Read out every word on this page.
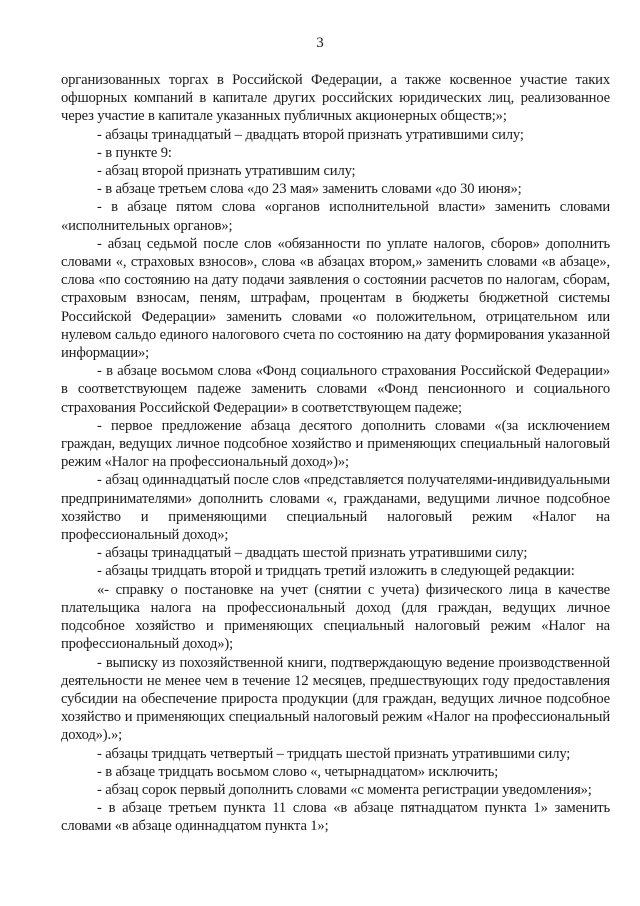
3

организованных торгах в Российской Федерации, а также косвенное участие таких офшорных компаний в капитале других российских юридических лиц, реализованное через участие в капитале указанных публичных акционерных обществ;»;

- абзацы тринадцатый – двадцать второй признать утратившими силу;

- в пункте 9:

- абзац второй признать утратившим силу;

- в абзаце третьем слова «до 23 мая» заменить словами «до 30 июня»;

- в абзаце пятом слова «органов исполнительной власти» заменить словами «исполнительных органов»;

- абзац седьмой после слов «обязанности по уплате налогов, сборов» дополнить словами «, страховых взносов», слова «в абзацах втором,» заменить словами «в абзаце», слова «по состоянию на дату подачи заявления о состоянии расчетов по налогам, сборам, страховым взносам, пеням, штрафам, процентам в бюджеты бюджетной системы Российской Федерации» заменить словами «о положительном, отрицательном или нулевом сальдо единого налогового счета по состоянию на дату формирования указанной информации»;

- в абзаце восьмом слова «Фонд социального страхования Российской Федерации» в соответствующем падеже заменить словами «Фонд пенсионного и социального страхования Российской Федерации» в соответствующем падеже;

- первое предложение абзаца десятого дополнить словами «(за исключением граждан, ведущих личное подсобное хозяйство и применяющих специальный налоговый режим «Налог на профессиональный доход»)»;

- абзац одиннадцатый после слов «представляется получателями-индивидуальными предпринимателями» дополнить словами «, гражданами, ведущими личное подсобное хозяйство и применяющими специальный налоговый режим «Налог на профессиональный доход»;

- абзацы тринадцатый – двадцать шестой признать утратившими силу;

- абзацы тридцать второй и тридцать третий изложить в следующей редакции:

«- справку о постановке на учет (снятии с учета) физического лица в качестве плательщика налога на профессиональный доход (для граждан, ведущих личное подсобное хозяйство и применяющих специальный налоговый режим «Налог на профессиональный доход»);

- выписку из похозяйственной книги, подтверждающую ведение производственной деятельности не менее чем в течение 12 месяцев, предшествующих году предоставления субсидии на обеспечение прироста продукции (для граждан, ведущих личное подсобное хозяйство и применяющих специальный налоговый режим «Налог на профессиональный доход»).»;

- абзацы тридцать четвертый – тридцать шестой признать утратившими силу;

- в абзаце тридцать восьмом слово «, четырнадцатом» исключить;

- абзац сорок первый дополнить словами «с момента регистрации уведомления»;

- в абзаце третьем пункта 11 слова «в абзаце пятнадцатом пункта 1» заменить словами «в абзаце одиннадцатом пункта 1»;
